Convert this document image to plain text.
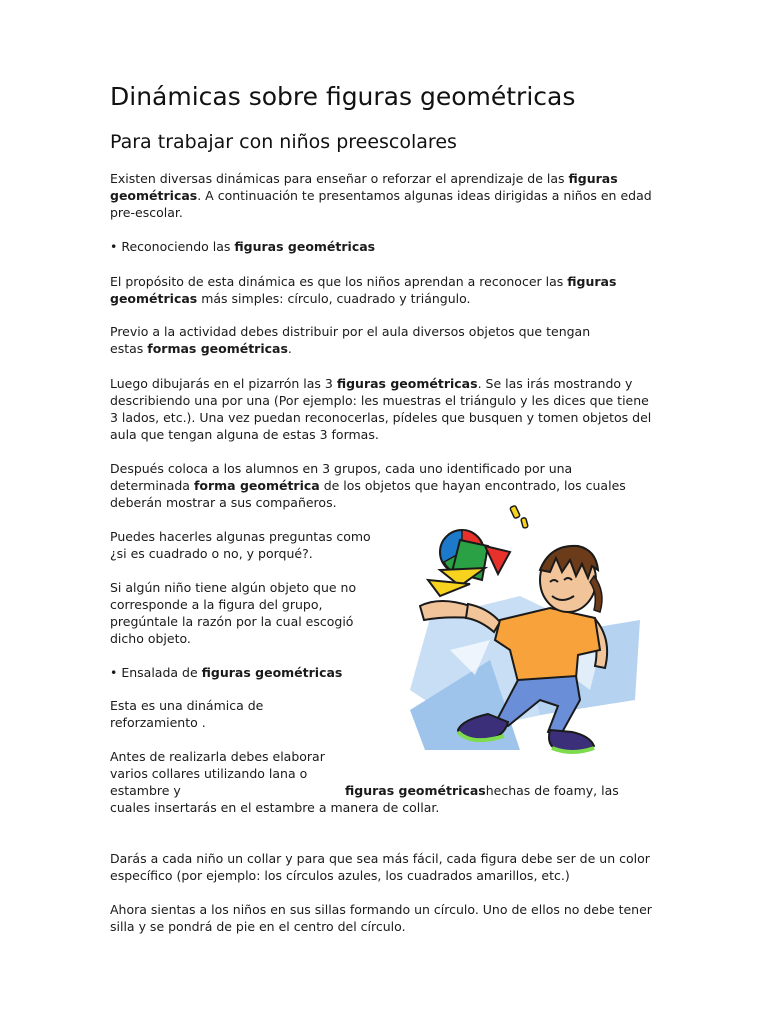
Dinámicas sobre figuras geométricas
Para trabajar con niños preescolares

Existen diversas dinámicas para enseñar o reforzar el aprendizaje de las figuras geométricas. A continuación te presentamos algunas ideas dirigidas a niños en edad pre-escolar.

• Reconociendo las figuras geométricas

El propósito de esta dinámica es que los niños aprendan a reconocer las figuras geométricas más simples: círculo, cuadrado y triángulo.

Previo a la actividad debes distribuir por el aula diversos objetos que tengan estas formas geométricas.

Luego dibujarás en el pizarrón las 3 figuras geométricas. Se las irás mostrando y describiendo una por una (Por ejemplo: les muestras el triángulo y les dices que tiene 3 lados, etc.). Una vez puedan reconocerlas, pídeles que busquen y tomen objetos del aula que tengan alguna de estas 3 formas.

Después coloca a los alumnos en 3 grupos, cada uno identificado por una determinada forma geométrica de los objetos que hayan encontrado, los cuales deberán mostrar a sus compañeros.

Puedes hacerles algunas preguntas como ¿si es cuadrado o no, y porqué?.

Si algún niño tiene algún objeto que no corresponde a la figura del grupo, pregúntale la razón por la cual escogió dicho objeto.

• Ensalada de figuras geométricas

Esta es una dinámica de reforzamiento .

Antes de realizarla debes elaborar varios collares utilizando lana o estambre y	figuras geométricashechas de foamy, las cuales insertarás en el estambre a manera de collar.

Darás a cada niño un collar y para que sea más fácil, cada figura debe ser de un color específico (por ejemplo: los círculos azules, los cuadrados amarillos, etc.)

Ahora sientas a los niños en sus sillas formando un círculo. Uno de ellos no debe tener silla y se pondrá de pie en el centro del círculo.
